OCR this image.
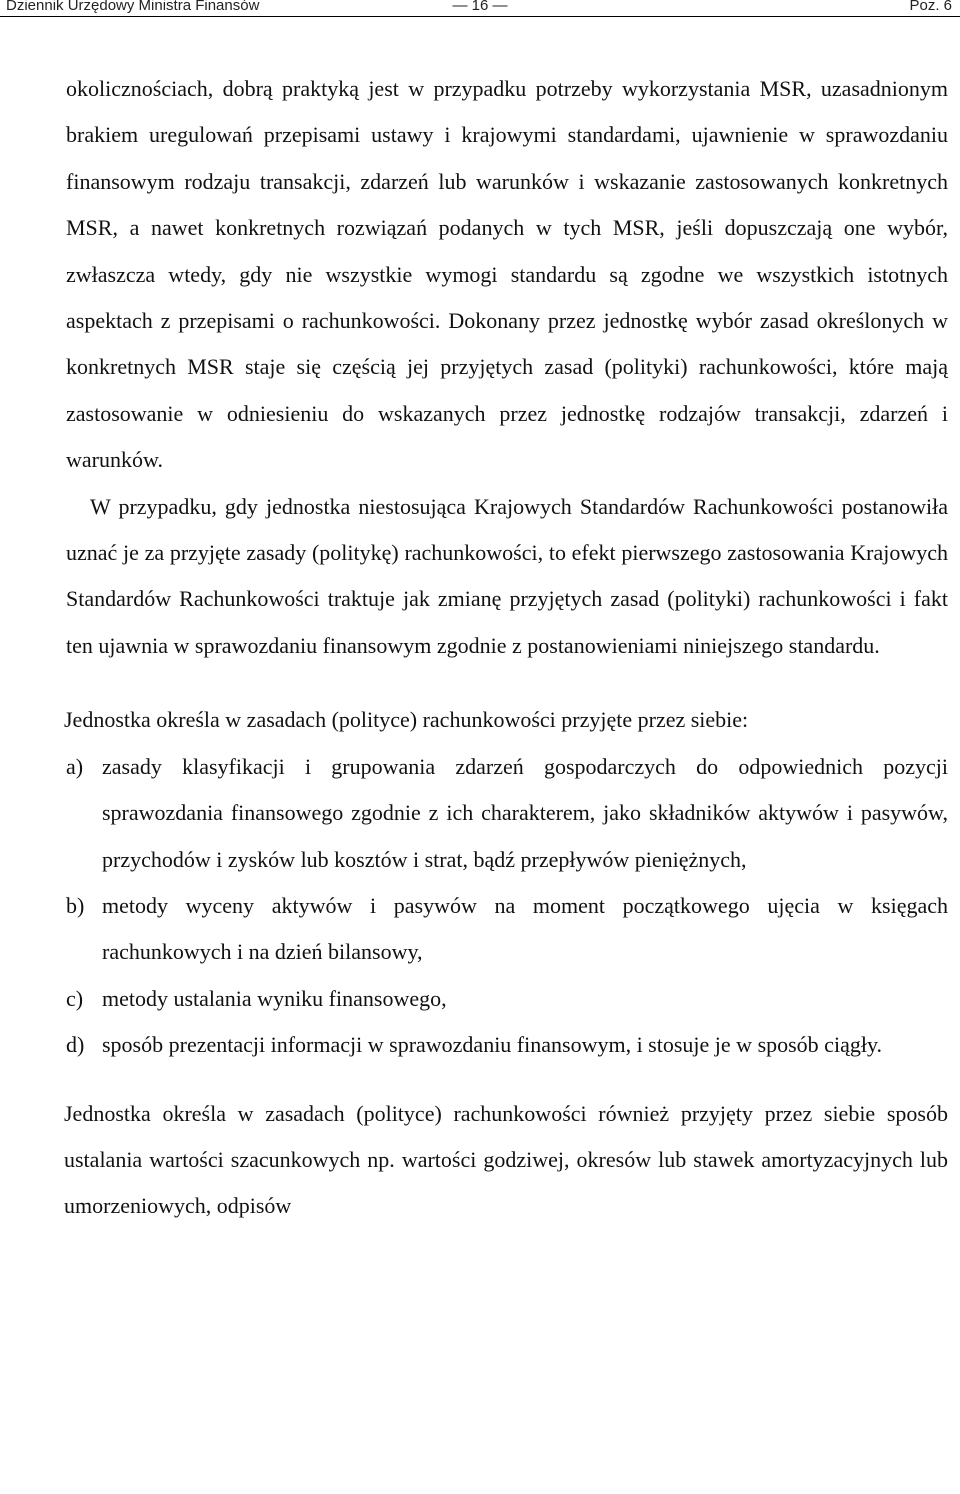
Dziennik Urzędowy Ministra Finansów	— 16 —	Poz. 6

okolicznościach, dobrą praktyką jest w przypadku potrzeby wykorzystania MSR, uzasadnionym brakiem uregulowań przepisami ustawy i krajowymi standardami, ujawnienie w sprawozdaniu finansowym rodzaju transakcji, zdarzeń lub warunków i wskazanie zastosowanych konkretnych MSR, a nawet konkretnych rozwiązań podanych w tych MSR, jeśli dopuszczają one wybór, zwłaszcza wtedy, gdy nie wszystkie wymogi standardu są zgodne we wszystkich istotnych aspektach z przepisami o rachunkowości. Dokonany przez jednostkę wybór zasad określonych w konkretnych MSR staje się częścią jej przyjętych zasad (polityki) rachunkowości, które mają zastosowanie w odniesieniu do wskazanych przez jednostkę rodzajów transakcji, zdarzeń i warunków.

W przypadku, gdy jednostka niestosująca Krajowych Standardów Rachunkowości postanowiła uznać je za przyjęte zasady (politykę) rachunkowości, to efekt pierwszego zastosowania Krajowych Standardów Rachunkowości traktuje jak zmianę przyjętych zasad (polityki) rachunkowości i fakt ten ujawnia w sprawozdaniu finansowym zgodnie z postanowieniami niniejszego standardu.

Jednostka określa w zasadach (polityce) rachunkowości przyjęte przez siebie:

a) zasady klasyfikacji i grupowania zdarzeń gospodarczych do odpowiednich pozycji sprawozdania finansowego zgodnie z ich charakterem, jako składników aktywów i pasywów, przychodów i zysków lub kosztów i strat, bądź przepływów pieniężnych,
b) metody wyceny aktywów i pasywów na moment początkowego ujęcia w księgach rachunkowych i na dzień bilansowy,
c) metody ustalania wyniku finansowego,
d) sposób prezentacji informacji w sprawozdaniu finansowym, i stosuje je w sposób ciągły.

Jednostka określa w zasadach (polityce) rachunkowości również przyjęty przez siebie sposób ustalania wartości szacunkowych np. wartości godziwej, okresów lub stawek amortyzacyjnych lub umorzeniowych, odpisów
